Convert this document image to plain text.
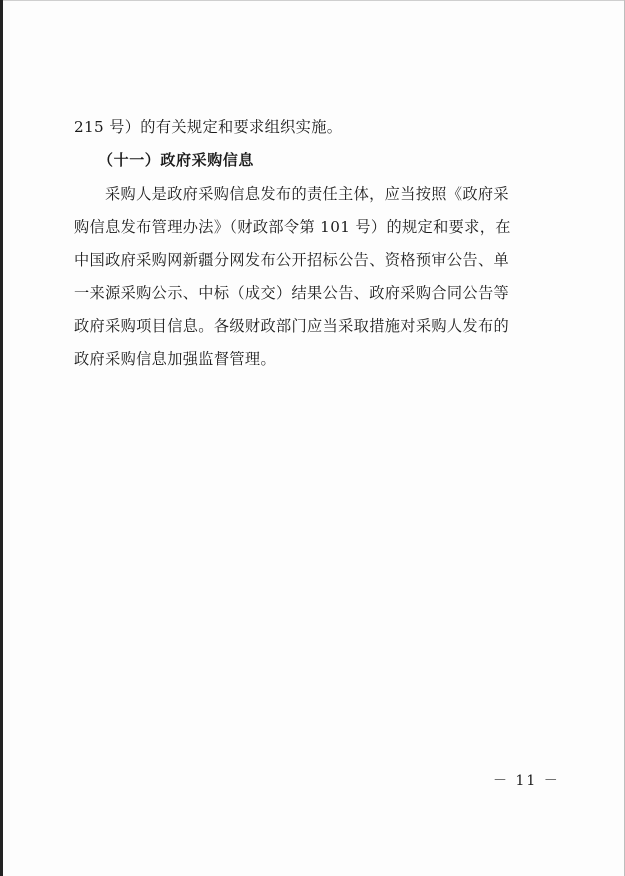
215 号）的有关规定和要求组织实施。
（十一）政府采购信息
采购人是政府采购信息发布的责任主体，应当按照《政府采
购信息发布管理办法》（财政部令第 101 号）的规定和要求，在
中国政府采购网新疆分网发布公开招标公告、资格预审公告、单
一来源采购公示、中标（成交）结果公告、政府采购合同公告等
政府采购项目信息。各级财政部门应当采取措施对采购人发布的
政府采购信息加强监督管理。
－ 11 －
